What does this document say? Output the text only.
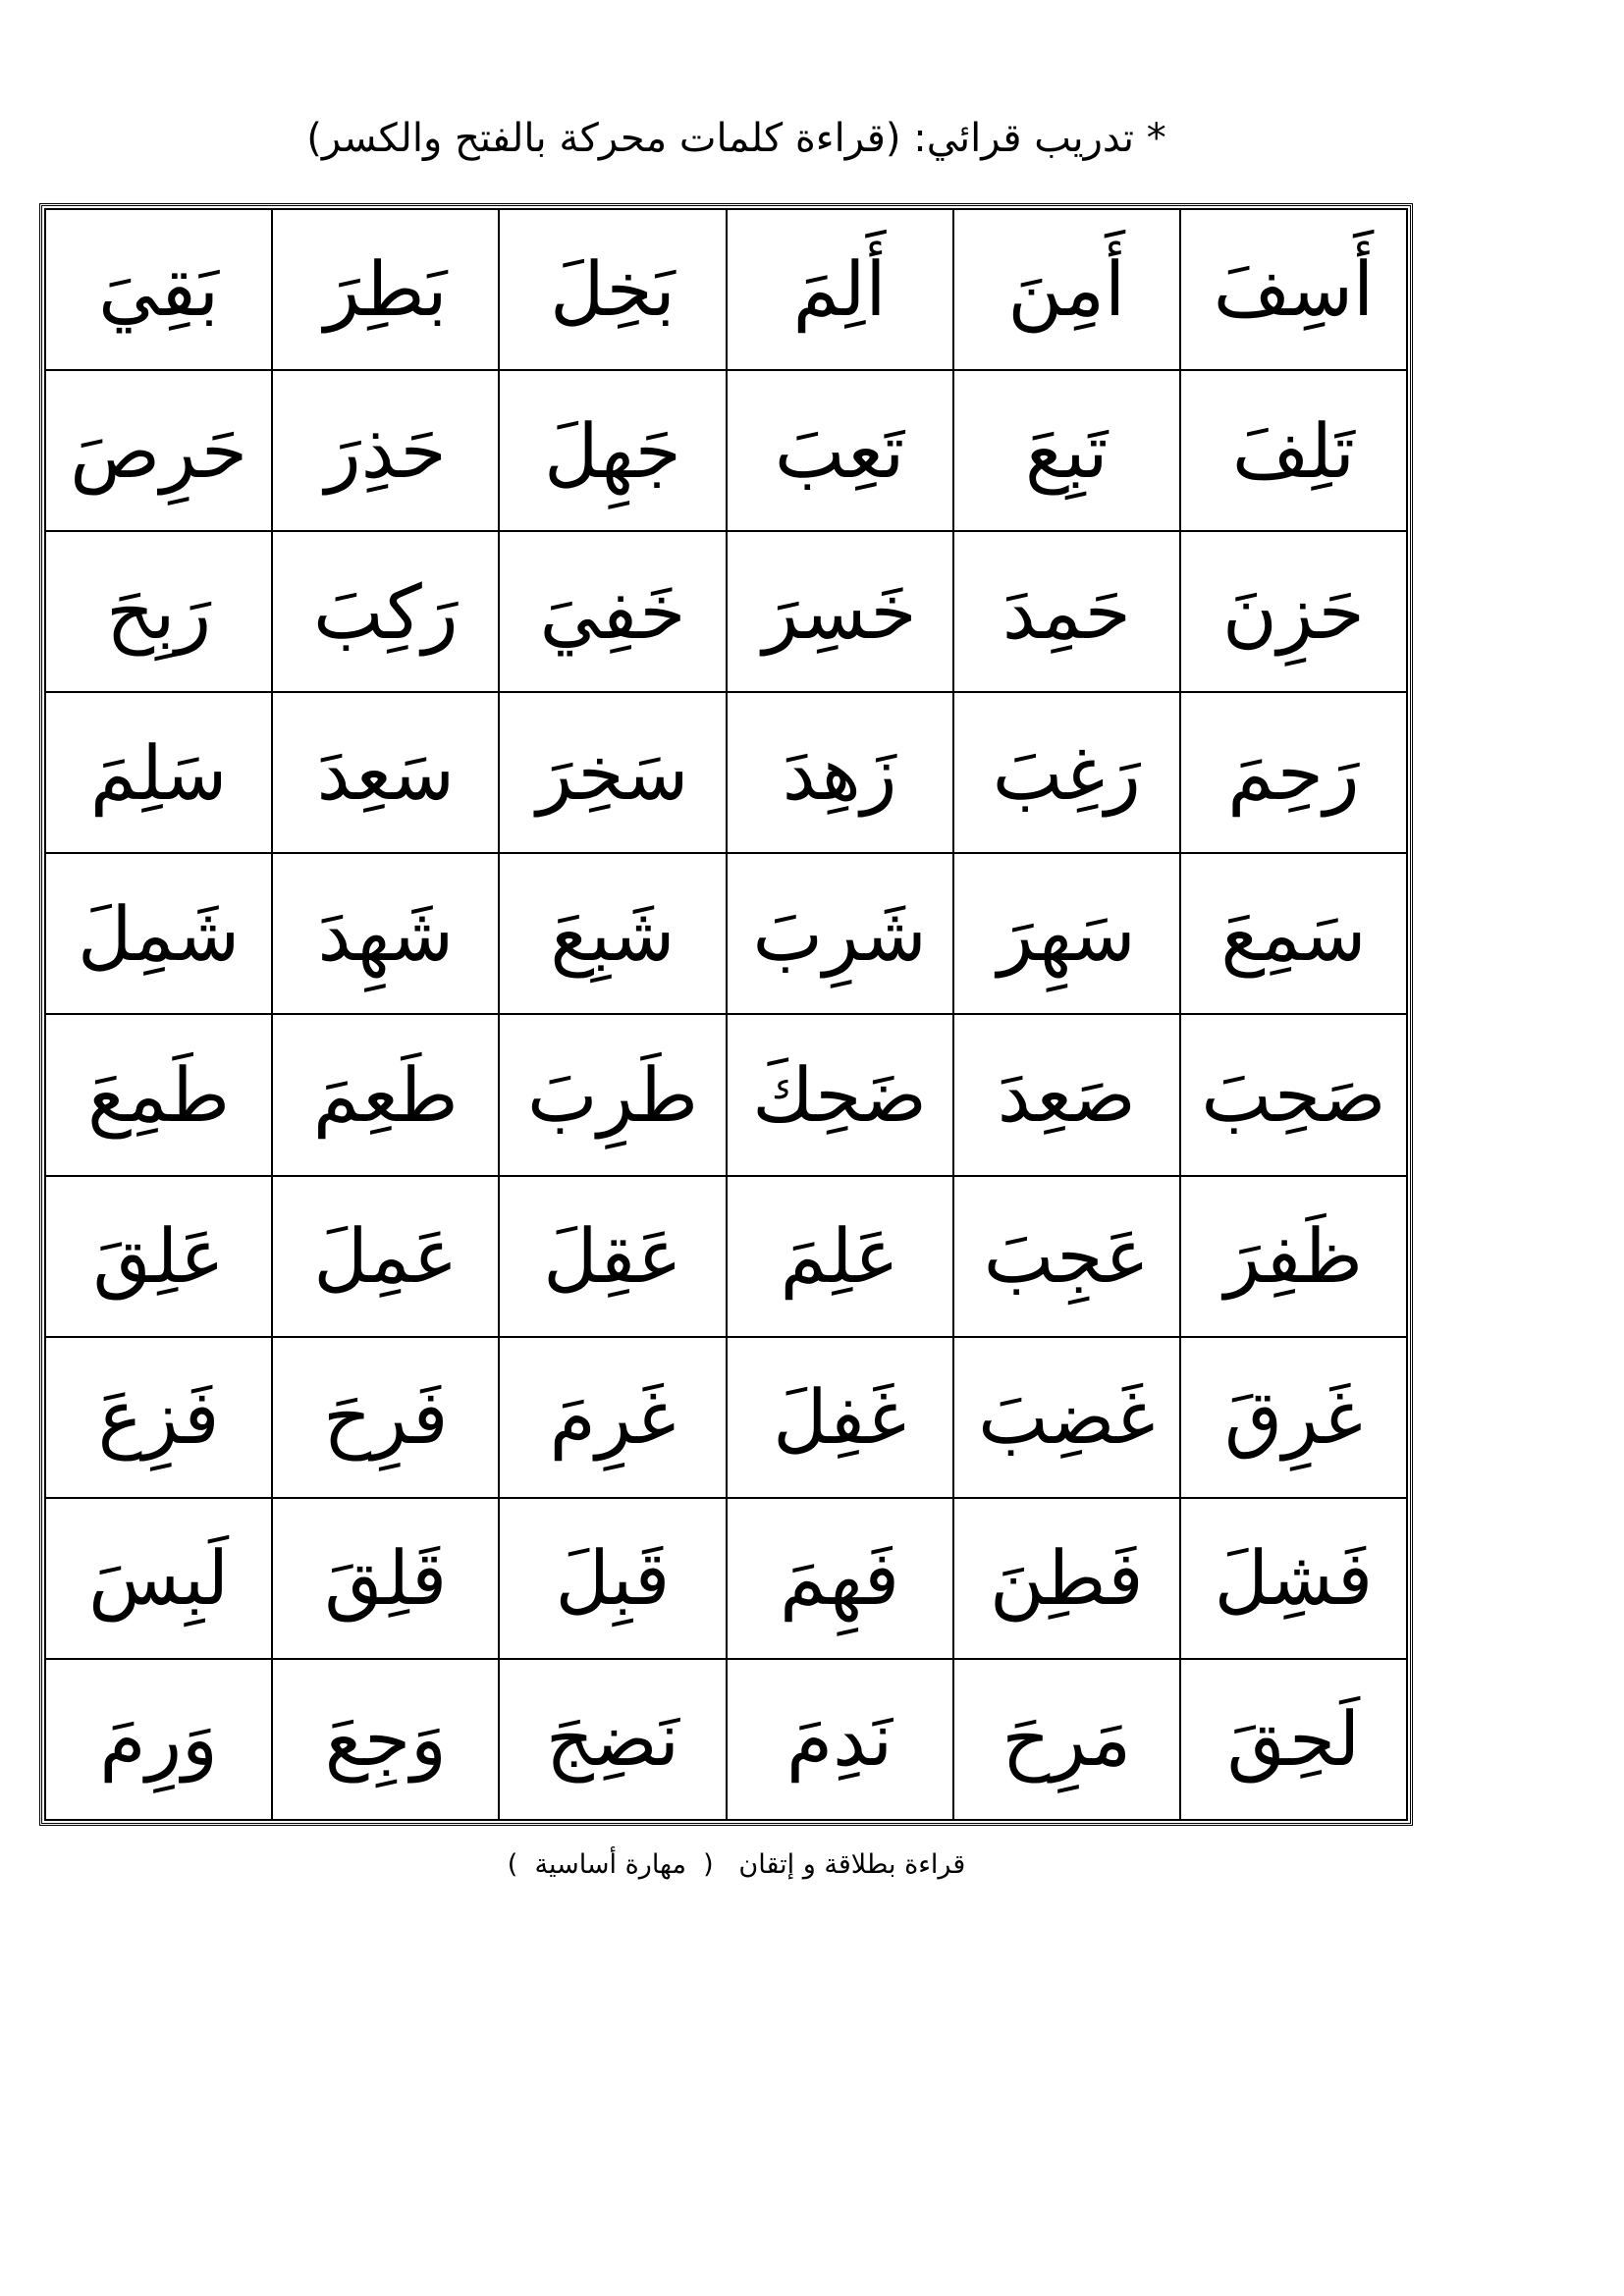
* تدريب قرائي: (قراءة كلمات محركة بالفتح والكسر)
أَسِفَ	أَمِنَ	أَلِمَ	بَخِلَ	بَطِرَ	بَقِيَ
تَلِفَ	تَبِعَ	تَعِبَ	جَهِلَ	حَذِرَ	حَرِصَ
حَزِنَ	حَمِدَ	خَسِرَ	خَفِيَ	رَكِبَ	رَبِحَ
رَحِمَ	رَغِبَ	زَهِدَ	سَخِرَ	سَعِدَ	سَلِمَ
سَمِعَ	سَهِرَ	شَرِبَ	شَبِعَ	شَهِدَ	شَمِلَ
صَحِبَ	صَعِدَ	ضَحِكَ	طَرِبَ	طَعِمَ	طَمِعَ
ظَفِرَ	عَجِبَ	عَلِمَ	عَقِلَ	عَمِلَ	عَلِقَ
غَرِقَ	غَضِبَ	غَفِلَ	غَرِمَ	فَرِحَ	فَزِعَ
فَشِلَ	فَطِنَ	فَهِمَ	قَبِلَ	قَلِقَ	لَبِسَ
لَحِقَ	مَرِحَ	نَدِمَ	نَضِجَ	وَجِعَ	وَرِمَ
قراءة بطلاقة و إتقان   (  مهارة أساسية  )
